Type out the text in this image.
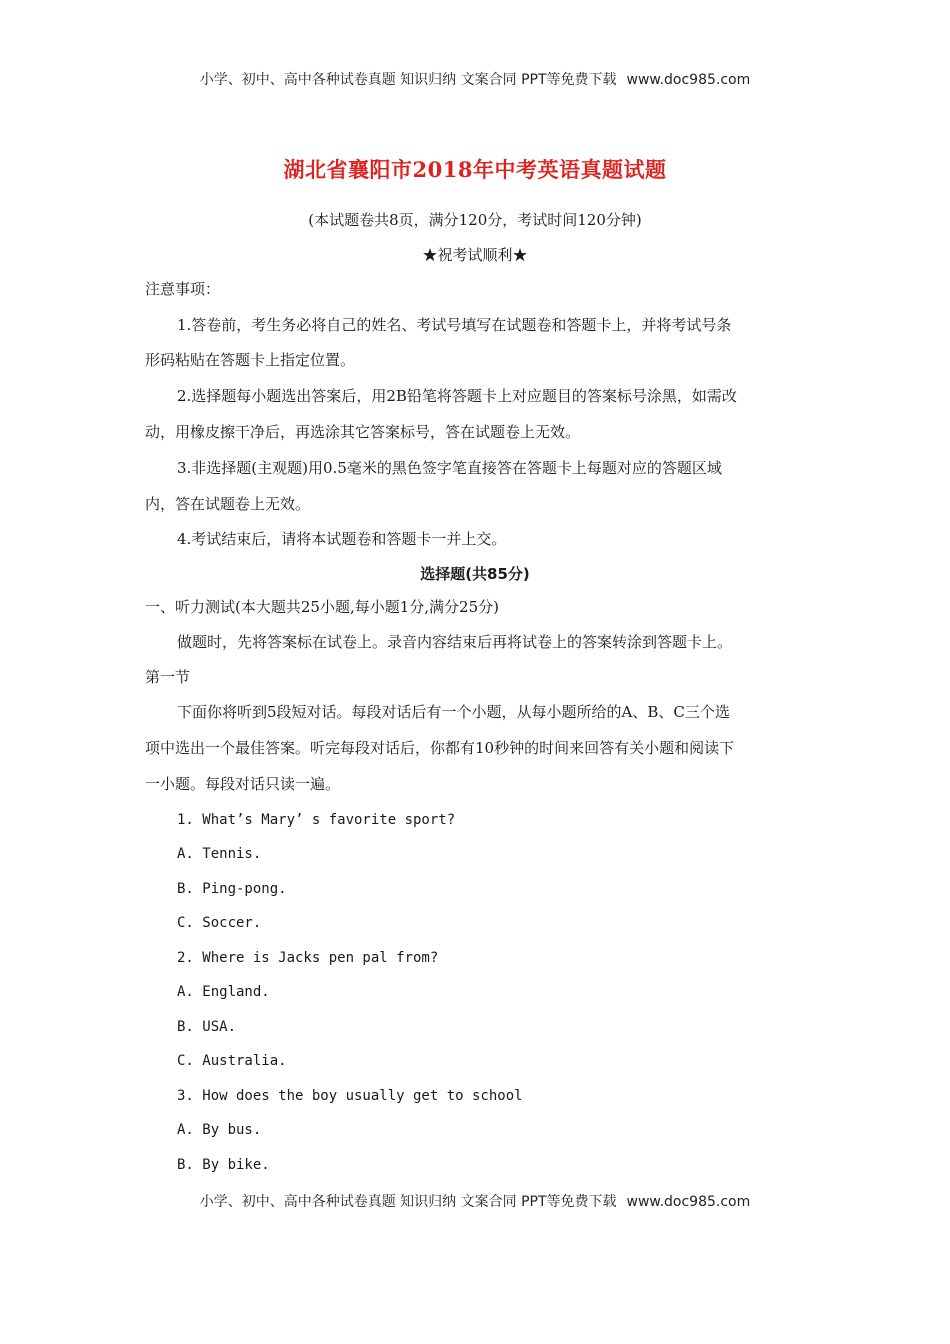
小学、初中、高中各种试卷真题 知识归纳 文案合同 PPT等免费下载 www.doc985.com
湖北省襄阳市2018年中考英语真题试题
(本试题卷共8页，满分120分，考试时间120分钟)
★祝考试顺利★
注意事项：
1.答卷前，考生务必将自己的姓名、考试号填写在试题卷和答题卡上，并将考试号条
形码粘贴在答题卡上指定位置。
2.选择题每小题选出答案后，用2B铅笔将答题卡上对应题目的答案标号涂黑，如需改
动，用橡皮擦干净后，再选涂其它答案标号，答在试题卷上无效。
3.非选择题(主观题)用0.5毫米的黑色签字笔直接答在答题卡上每题对应的答题区域
内，答在试题卷上无效。
4.考试结束后，请将本试题卷和答题卡一并上交。
选择题(共85分)
一、听力测试(本大题共25小题,每小题1分,满分25分)
做题时，先将答案标在试卷上。录音内容结束后再将试卷上的答案转涂到答题卡上。
第一节
下面你将听到5段短对话。每段对话后有一个小题，从每小题所给的A、B、C三个选
项中选出一个最佳答案。听完每段对话后，你都有10秒钟的时间来回答有关小题和阅读下
一小题。每段对话只读一遍。
1. What’s Mary’ s favorite sport?
A. Tennis.
B. Ping-pong.
C. Soccer.
2. Where is Jacks pen pal from?
A. England.
B. USA.
C. Australia.
3. How does the boy usually get to school
A. By bus.
B. By bike.
小学、初中、高中各种试卷真题 知识归纳 文案合同 PPT等免费下载 www.doc985.com
